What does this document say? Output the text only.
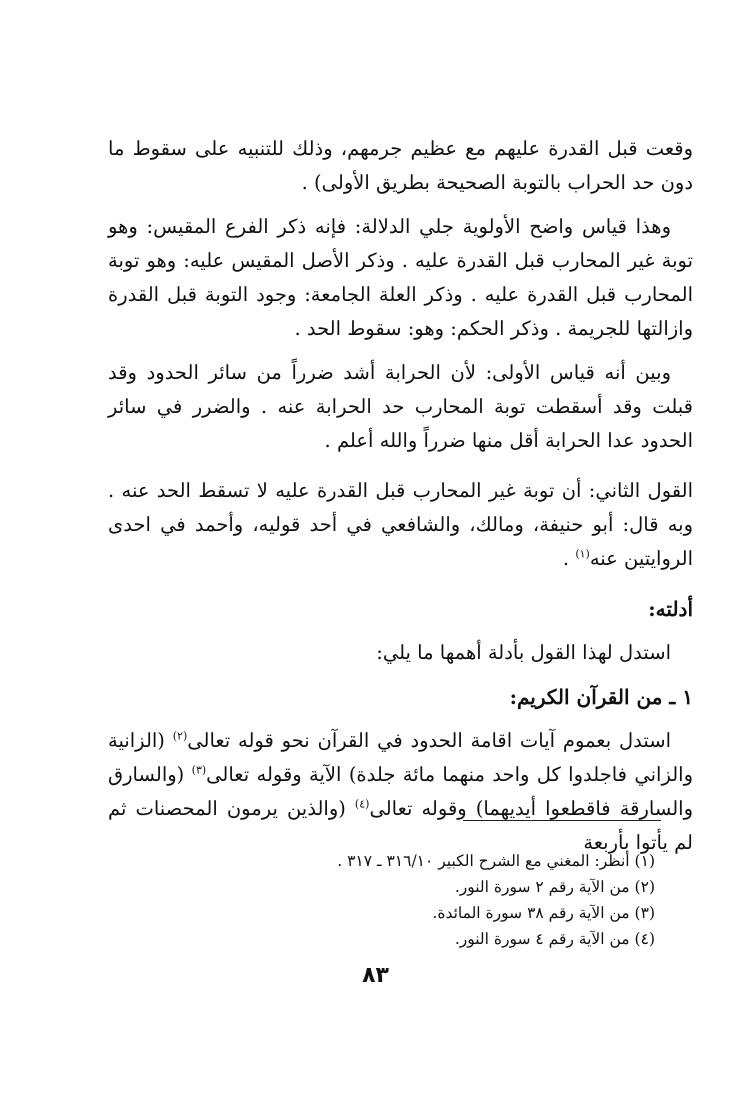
وقعت قبل القدرة عليهم مع عظيم جرمهم، وذلك للتنبيه على سقوط ما دون حد الحراب بالتوبة الصحيحة بطريق الأولى) .

وهذا قياس واضح الأولوية جلي الدلالة: فإنه ذكر الفرع المقيس: وهو توبة غير المحارب قبل القدرة عليه . وذكر الأصل المقيس عليه: وهو توبة المحارب قبل القدرة عليه . وذكر العلة الجامعة: وجود التوبة قبل القدرة وازالتها للجريمة . وذكر الحكم: وهو: سقوط الحد .

وبين أنه قياس الأولى: لأن الحرابة أشد ضرراً من سائر الحدود وقد قبلت وقد أسقطت توبة المحارب حد الحرابة عنه . والضرر في سائر الحدود عدا الحرابة أقل منها ضرراً والله أعلم .

القول الثاني: أن توبة غير المحارب قبل القدرة عليه لا تسقط الحد عنه . وبه قال: أبو حنيفة، ومالك، والشافعي في أحد قوليه، وأحمد في احدى الروايتين عنه$^{(١)}$ .

أدلته:

استدل لهذا القول بأدلة أهمها ما يلي:

١ ـ من القرآن الكريم:

استدل بعموم آيات اقامة الحدود في القرآن نحو قوله تعالى$^{(٢)}$ (الزانية والزاني فاجلدوا كل واحد منهما مائة جلدة) الآية وقوله تعالى$^{(٣)}$ (والسارق والسارقة فاقطعوا أيديهما) وقوله تعالى$^{(٤)}$ (والذين يرمون المحصنات ثم لم يأتوا بأربعة

(١) أنظر: المغني مع الشرح الكبير ٣١٦/١٠ ـ ٣١٧ .

(٢) من الآية رقم ٢ سورة النور.

(٣) من الآية رقم ٣٨ سورة المائدة.

(٤) من الآية رقم ٤ سورة النور.

٨٣
